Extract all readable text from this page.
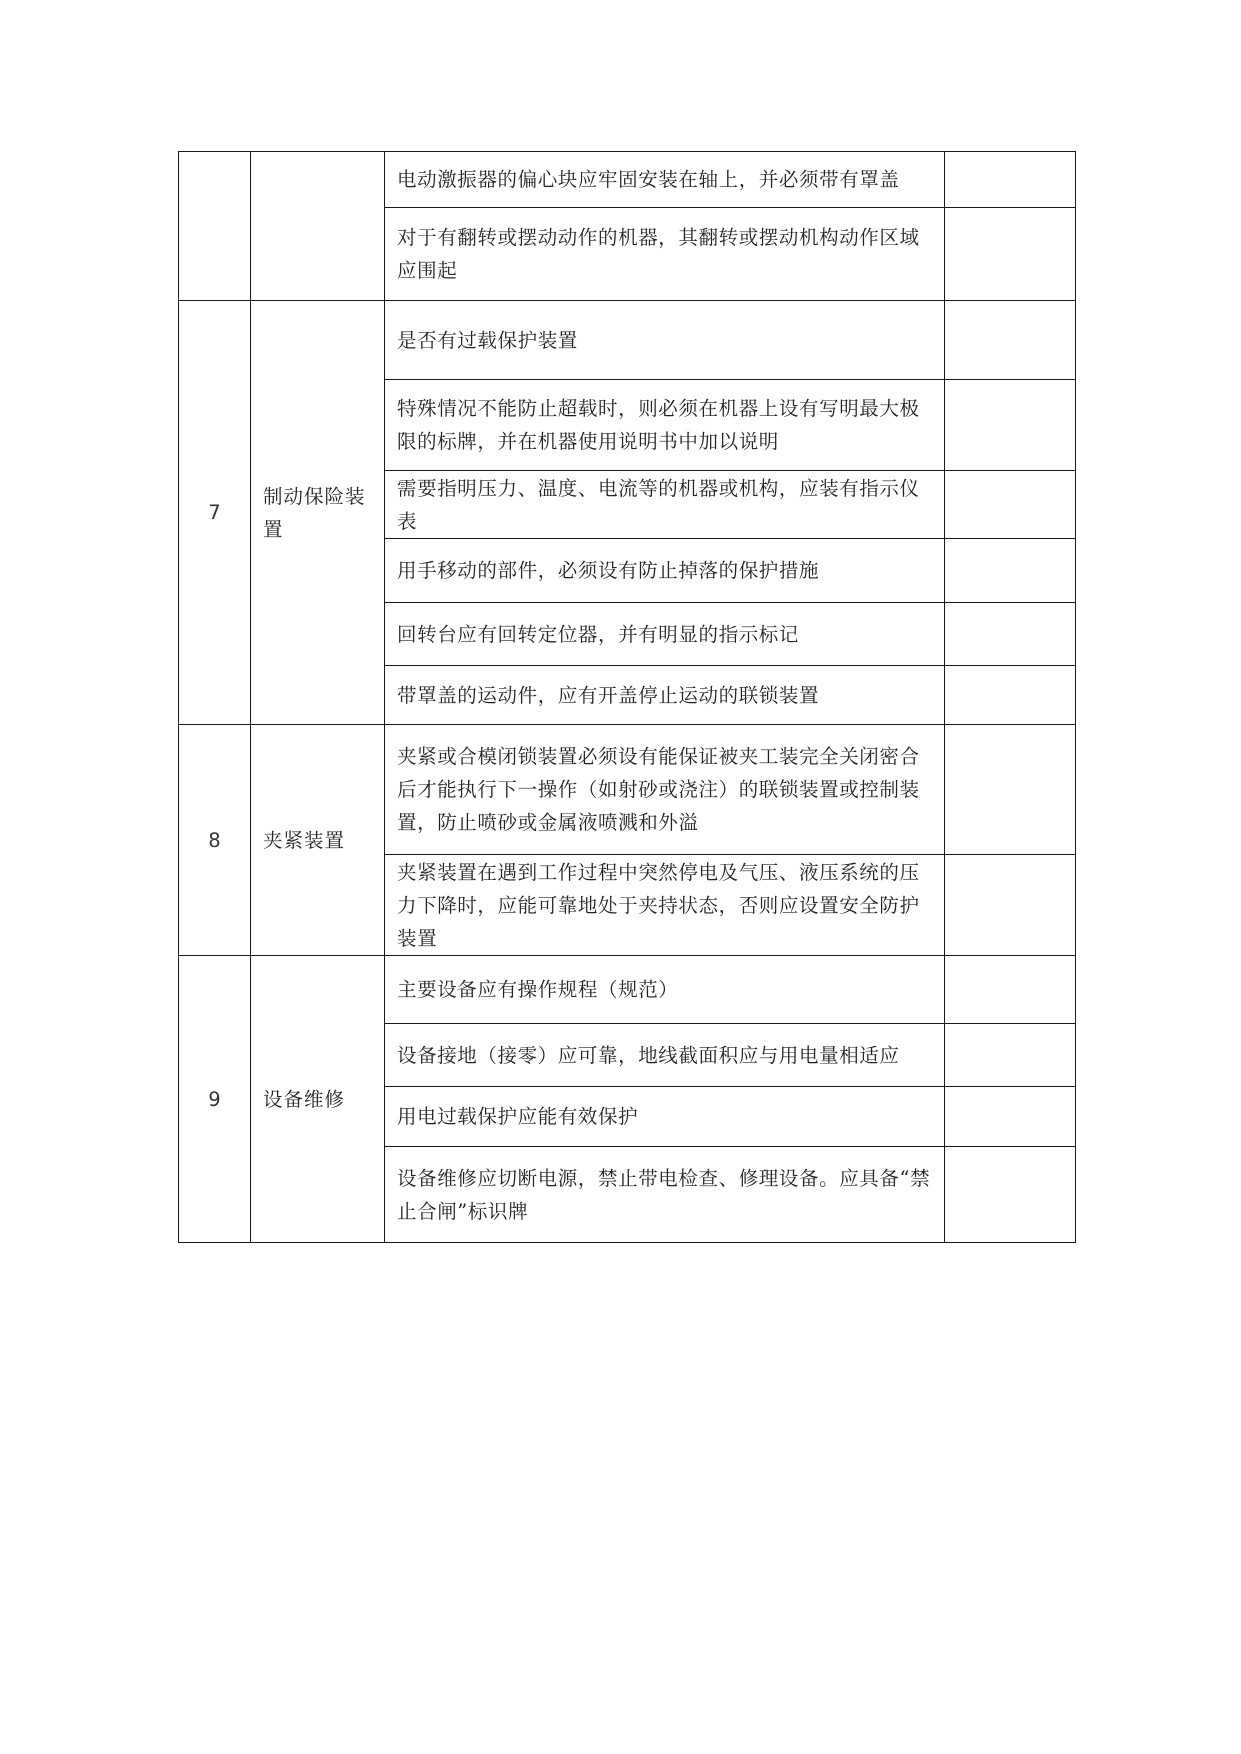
		电动激振器的偏心块应牢固安装在轴上，并必须带有罩盖	
		对于有翻转或摆动动作的机器，其翻转或摆动机构动作区域应围起	
7	制动保险装置	是否有过载保护装置	
		特殊情况不能防止超载时，则必须在机器上设有写明最大极限的标牌，并在机器使用说明书中加以说明	
		需要指明压力、温度、电流等的机器或机构，应装有指示仪表	
		用手移动的部件，必须设有防止掉落的保护措施	
		回转台应有回转定位器，并有明显的指示标记	
		带罩盖的运动件，应有开盖停止运动的联锁装置	
8	夹紧装置	夹紧或合模闭锁装置必须设有能保证被夹工装完全关闭密合后才能执行下一操作（如射砂或浇注）的联锁装置或控制装置，防止喷砂或金属液喷溅和外溢	
		夹紧装置在遇到工作过程中突然停电及气压、液压系统的压力下降时，应能可靠地处于夹持状态，否则应设置安全防护装置	
9	设备维修	主要设备应有操作规程（规范）	
		设备接地（接零）应可靠，地线截面积应与用电量相适应	
		用电过载保护应能有效保护	
		设备维修应切断电源，禁止带电检查、修理设备。应具备“禁止合闸”标识牌	
